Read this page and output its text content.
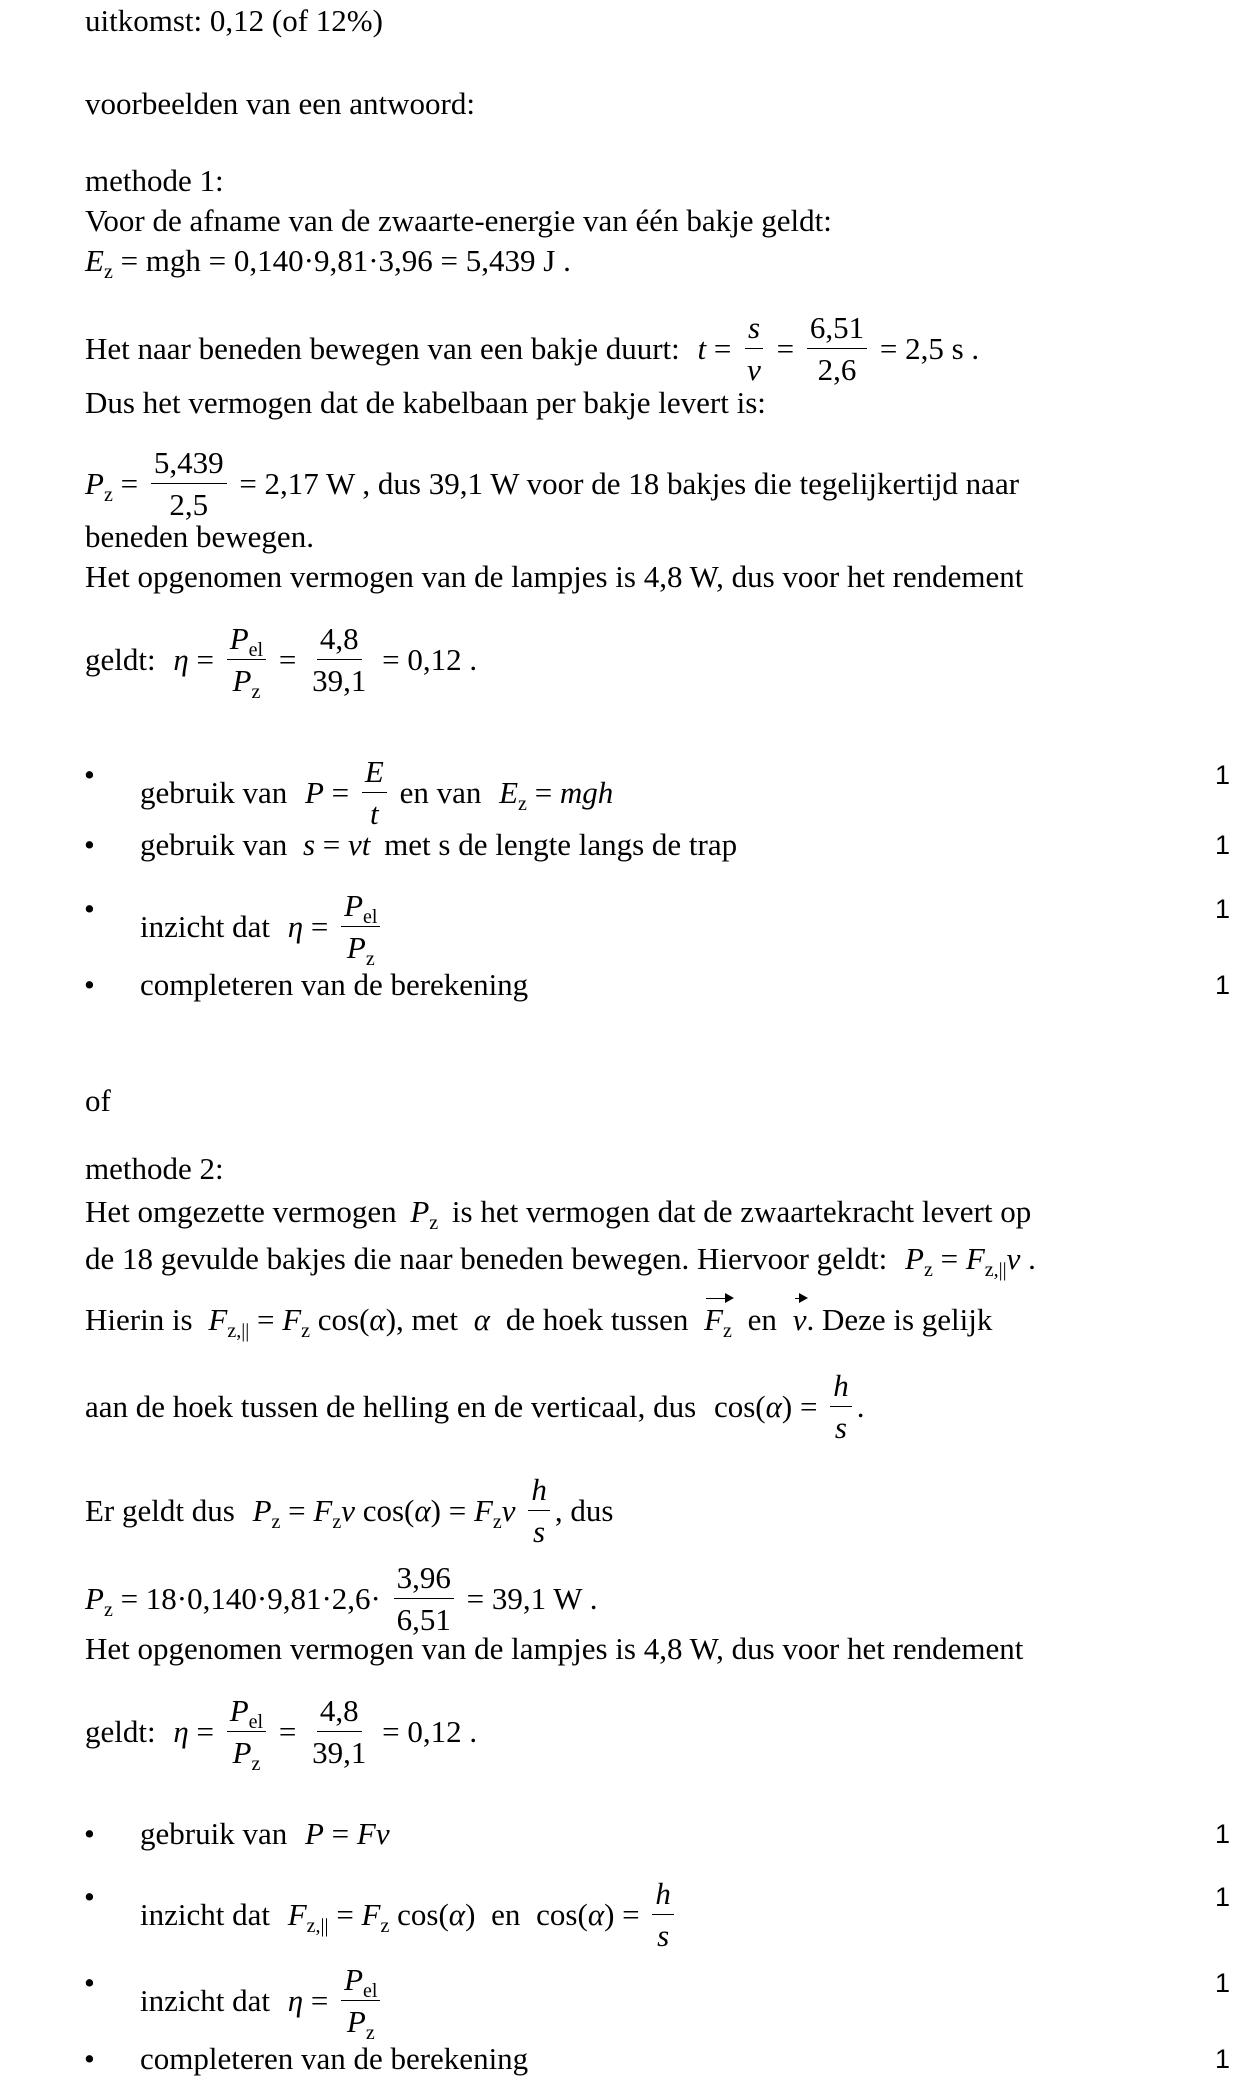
uitkomst: 0,12 (of 12%)
voorbeelden van een antwoord:
methode 1:
Voor de afname van de zwaarte-energie van één bakje geldt:
$E_z$ = mgh = 0,140·9,81·3,96 = 5,439 J .
Het naar beneden bewegen van een bakje duurt: $t = \frac{s}{v} = \frac{6,51}{2,6} = 2,5$ s .
Dus het vermogen dat de kabelbaan per bakje levert is:
$P_z = \frac{5,439}{2,5} = 2,17$ W , dus 39,1 W voor de 18 bakjes die tegelijkertijd naar
beneden bewegen.
Het opgenomen vermogen van de lampjes is 4,8 W, dus voor het rendement
geldt: $\eta = \frac{P_{el}}{P_z} = \frac{4,8}{39,1} = 0,12$ .
• gebruik van $P = \frac{E}{t}$ en van $E_z$ = mgh	1
• gebruik van s = vt met s de lengte langs de trap	1
• inzicht dat $\eta = \frac{P_{el}}{P_z}$	1
• completeren van de berekening	1
of
methode 2:
Het omgezette vermogen $P_z$ is het vermogen dat de zwaartekracht levert op
de 18 gevulde bakjes die naar beneden bewegen. Hiervoor geldt: $P_z = F_{z,||}v$ .
Hierin is $F_{z,||} = F_z$ cos(α), met α de hoek tussen $F_z$ en v. Deze is gelijk
aan de hoek tussen de helling en de verticaal, dus $\cos(\alpha) = \frac{h}{s}$ .
Er geldt dus $P_z = F_zv$ $\cos(\alpha) = F_zv \frac{h}{s}$ , dus
$P_z = 18\cdot 0,140\cdot 9,81\cdot 2,6\cdot \frac{3,96}{6,51} = 39,1$ W .
Het opgenomen vermogen van de lampjes is 4,8 W, dus voor het rendement
geldt: $\eta = \frac{P_{el}}{P_z} = \frac{4,8}{39,1} = 0,12$ .
• gebruik van P = Fv	1
• inzicht dat $F_{z,||} = F_z$ cos(α) en $\cos(\alpha) = \frac{h}{s}$	1
• inzicht dat $\eta = \frac{P_{el}}{P_z}$	1
• completeren van de berekening	1
